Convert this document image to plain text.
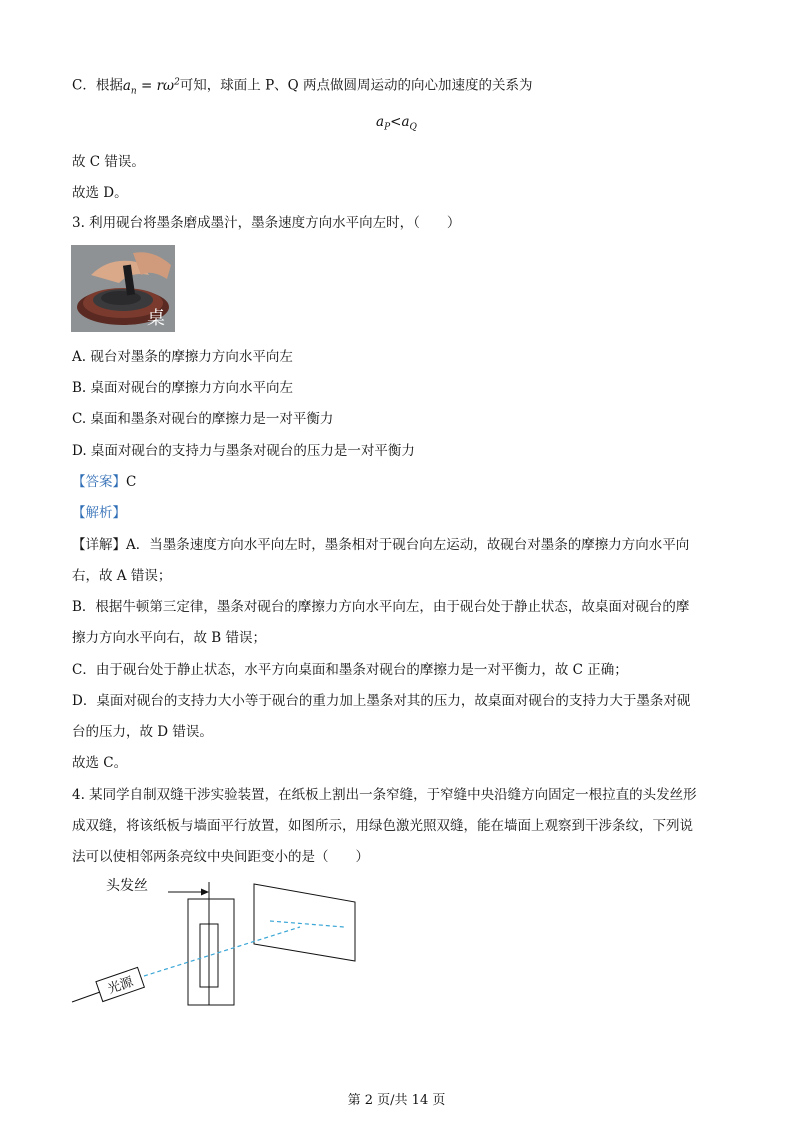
C．根据$a_n = r\omega^2$可知，球面上 P、Q 两点做圆周运动的向心加速度的关系为
$a_P<a_Q$
故 C 错误。
故选 D。
3. 利用砚台将墨条磨成墨汁，墨条速度方向水平向左时，（　　）
桌
A. 砚台对墨条的摩擦力方向水平向左
B. 桌面对砚台的摩擦力方向水平向左
C. 桌面和墨条对砚台的摩擦力是一对平衡力
D. 桌面对砚台的支持力与墨条对砚台的压力是一对平衡力
【答案】C
【解析】
【详解】A．当墨条速度方向水平向左时，墨条相对于砚台向左运动，故砚台对墨条的摩擦力方向水平向
右，故 A 错误；
B．根据牛顿第三定律，墨条对砚台的摩擦力方向水平向左，由于砚台处于静止状态，故桌面对砚台的摩
擦力方向水平向右，故 B 错误；
C．由于砚台处于静止状态，水平方向桌面和墨条对砚台的摩擦力是一对平衡力，故 C 正确；
D．桌面对砚台的支持力大小等于砚台的重力加上墨条对其的压力，故桌面对砚台的支持力大于墨条对砚
台的压力，故 D 错误。
故选 C。
4. 某同学自制双缝干涉实验装置，在纸板上割出一条窄缝，于窄缝中央沿缝方向固定一根拉直的头发丝形
成双缝，将该纸板与墙面平行放置，如图所示，用绿色激光照双缝，能在墙面上观察到干涉条纹，下列说
法可以使相邻两条亮纹中央间距变小的是（　　）
头发丝
光源
第 2 页/共 14 页
